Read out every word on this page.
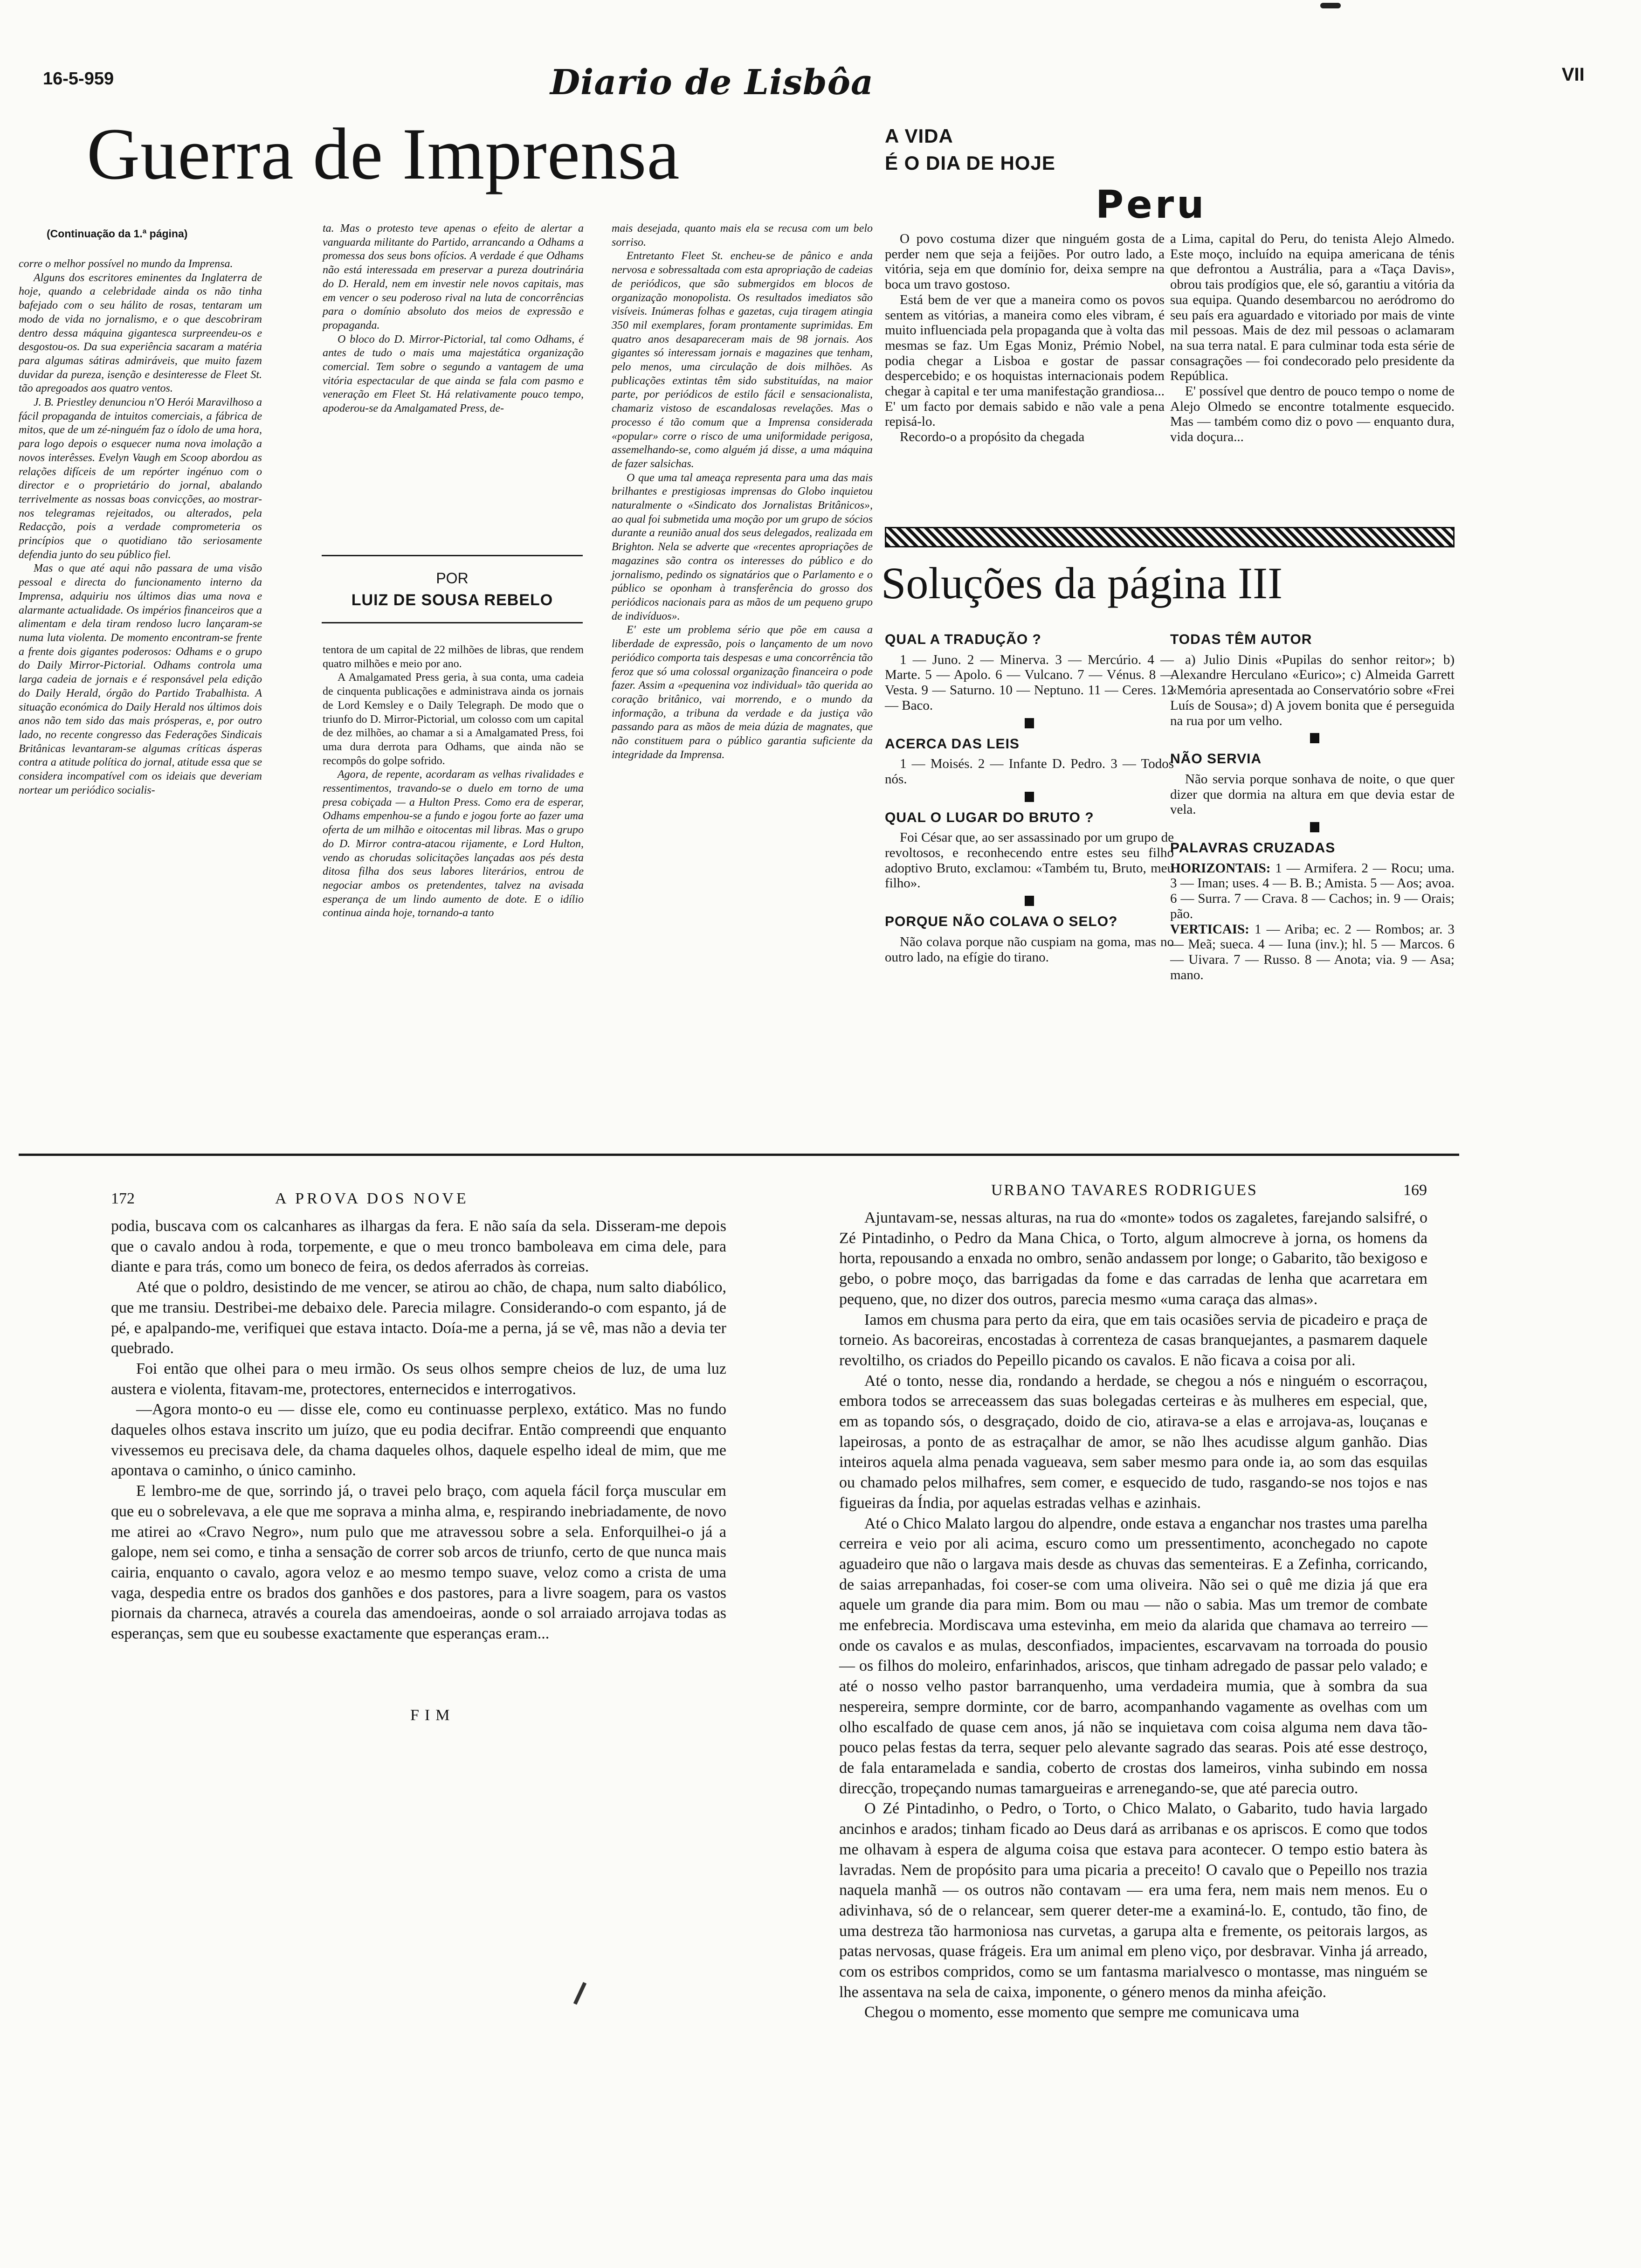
16-5-959	Diario de Lisbôa	VII
Guerra de Imprensa
(Continuação da 1.ª página)

corre o melhor possível no mundo da Imprensa.

Alguns dos escritores eminentes da Inglaterra de hoje, quando a celebridade ainda os não tinha bafejado com o seu hálito de rosas, tentaram um modo de vida no jornalismo, e o que descobriram dentro dessa máquina gigantesca surpreendeu-os e desgostou-os. Da sua experiência sacaram a matéria para algumas sátiras admiráveis, que muito fazem duvidar da pureza, isenção e desinteresse de Fleet St. tão apregoados aos quatro ventos.

J. B. Priestley denunciou n'O Herói Maravilhoso a fácil propaganda de intuitos comerciais, a fábrica de mitos, que de um zé-ninguém faz o ídolo de uma hora, para logo depois o esquecer numa nova imolação a novos interêsses. Evelyn Vaugh em Scoop abordou as relações difíceis de um repórter ingénuo com o director e o proprietário do jornal, abalando terrivelmente as nossas boas convicções, ao mostrar-nos telegramas rejeitados, ou alterados, pela Redacção, pois a verdade comprometeria os princípios que o quotidiano tão seriosamente defendia junto do seu público fiel.

Mas o que até aqui não passara de uma visão pessoal e directa do funcionamento interno da Imprensa, adquiriu nos últimos dias uma nova e alarmante actualidade. Os impérios financeiros que a alimentam e dela tiram rendoso lucro lançaram-se numa luta violenta. De momento encontram-se frente a frente dois gigantes poderosos: Odhams e o grupo do Daily Mirror-Pictorial. Odhams controla uma larga cadeia de jornais e é responsável pela edição do Daily Herald, órgão do Partido Trabalhista. A situação económica do Daily Herald nos últimos dois anos não tem sido das mais prósperas, e, por outro lado, no recente congresso das Federações Sindicais Britânicas levantaram-se algumas críticas ásperas contra a atitude política do jornal, atitude essa que se considera incompatível com os ideiais que deveriam nortear um periódico socialis-

ta. Mas o protesto teve apenas o efeito de alertar a vanguarda militante do Partido, arrancando a Odhams a promessa dos seus bons ofícios. A verdade é que Odhams não está interessada em preservar a pureza doutrinária do D. Herald, nem em investir nele novos capitais, mas em vencer o seu poderoso rival na luta de concorrências para o domínio absoluto dos meios de expressão e propaganda.

O bloco do D. Mirror-Pictorial, tal como Odhams, é antes de tudo o mais uma majestática organização comercial. Tem sobre o segundo a vantagem de uma vitória espectacular de que ainda se fala com pasmo e veneração em Fleet St. Há relativamente pouco tempo, apoderou-se da Amalgamated Press, de-

POR
LUIZ DE SOUSA REBELO

tentora de um capital de 22 milhões de libras, que rendem quatro milhões e meio por ano.

A Amalgamated Press geria, à sua conta, uma cadeia de cinquenta publicações e administrava ainda os jornais de Lord Kemsley e o Daily Telegraph. De modo que o triunfo do D. Mirror-Pictorial, um colosso com um capital de dez milhões, ao chamar a si a Amalgamated Press, foi uma dura derrota para Odhams, que ainda não se recompôs do golpe sofrido.

Agora, de repente, acordaram as velhas rivalidades e ressentimentos, travando-se o duelo em torno de uma presa cobiçada — a Hulton Press. Como era de esperar, Odhams empenhou-se a fundo e jogou forte ao fazer uma oferta de um milhão e oitocentas mil libras. Mas o grupo do D. Mirror contra-atacou rijamente, e Lord Hulton, vendo as chorudas solicitações lançadas aos pés desta ditosa filha dos seus labores literários, entrou de negociar ambos os pretendentes, talvez na avisada esperança de um lindo aumento de dote. E o idílio continua ainda hoje, tornando-a tanto

mais desejada, quanto mais ela se recusa com um belo sorriso.

Entretanto Fleet St. encheu-se de pânico e anda nervosa e sobressaltada com esta apropriação de cadeias de periódicos, que são submergidos em blocos de organização monopolista. Os resultados imediatos são visíveis. Inúmeras folhas e gazetas, cuja tiragem atingia 350 mil exemplares, foram prontamente suprimidas. Em quatro anos desapareceram mais de 98 jornais. Aos gigantes só interessam jornais e magazines que tenham, pelo menos, uma circulação de dois milhões. As publicações extintas têm sido substituídas, na maior parte, por periódicos de estilo fácil e sensacionalista, chamariz vistoso de escandalosas revelações. Mas o processo é tão comum que a Imprensa considerada «popular» corre o risco de uma uniformidade perigosa, assemelhando-se, como alguém já disse, a uma máquina de fazer salsichas.

O que uma tal ameaça representa para uma das mais brilhantes e prestigiosas imprensas do Globo inquietou naturalmente o «Sindicato dos Jornalistas Britânicos», ao qual foi submetida uma moção por um grupo de sócios durante a reunião anual dos seus delegados, realizada em Brighton. Nela se adverte que «recentes apropriações de magazines são contra os interesses do público e do jornalismo, pedindo os signatários que o Parlamento e o público se oponham à transferência do grosso dos periódicos nacionais para as mãos de um pequeno grupo de indivíduos».

E' este um problema sério que põe em causa a liberdade de expressão, pois o lançamento de um novo periódico comporta tais despesas e uma concorrência tão feroz que só uma colossal organização financeira o pode fazer. Assim a «pequenina voz individual» tão querida ao coração britânico, vai morrendo, e o mundo da informação, a tribuna da verdade e da justiça vão passando para as mãos de meia dúzia de magnates, que não constituem para o público garantia suficiente da integridade da Imprensa.

A VIDA
É O DIA DE HOJE
Peru

O povo costuma dizer que ninguém gosta de perder nem que seja a feijões. Por outro lado, a vitória, seja em que domínio for, deixa sempre na boca um travo gostoso.

Está bem de ver que a maneira como os povos sentem as vitórias, a maneira como eles vibram, é muito influenciada pela propaganda que à volta das mesmas se faz. Um Egas Moniz, Prémio Nobel, podia chegar a Lisboa e gostar de passar despercebido; e os hoquistas internacionais podem chegar à capital e ter uma manifestação grandiosa... E' um facto por demais sabido e não vale a pena repisá-lo.

Recordo-o a propósito da chegada

a Lima, capital do Peru, do tenista Alejo Almedo. Este moço, incluído na equipa americana de ténis que defrontou a Austrália, para a «Taça Davis», obrou tais prodígios que, ele só, garantiu a vitória da sua equipa. Quando desembarcou no aeródromo do seu país era aguardado e vitoriado por mais de vinte mil pessoas. Mais de dez mil pessoas o aclamaram na sua terra natal. E para culminar toda esta série de consagrações — foi condecorado pelo presidente da República.

E' possível que dentro de pouco tempo o nome de Alejo Olmedo se encontre totalmente esquecido. Mas — também como diz o povo — enquanto dura, vida doçura...

Soluções da página III
QUAL A TRADUÇÃO ?

1 — Juno. 2 — Minerva. 3 — Mercúrio. 4 — Marte. 5 — Apolo. 6 — Vulcano. 7 — Vénus. 8 — Vesta. 9 — Saturno. 10 — Neptuno. 11 — Ceres. 12 — Baco.

ACERCA DAS LEIS

1 — Moisés. 2 — Infante D. Pedro. 3 — Todos nós.

QUAL O LUGAR DO BRUTO ?

Foi César que, ao ser assassinado por um grupo de revoltosos, e reconhecendo entre estes seu filho adoptivo Bruto, exclamou: «Também tu, Bruto, meu filho».

PORQUE NÃO COLAVA O SELO?

Não colava porque não cuspiam na goma, mas no outro lado, na efígie do tirano.

TODAS TÊM AUTOR

a) Julio Dinis «Pupilas do senhor reitor»; b) Alexandre Herculano «Eurico»; c) Almeida Garrett «Memória apresentada ao Conservatório sobre «Frei Luís de Sousa»; d) A jovem bonita que é perseguida na rua por um velho.

NÃO SERVIA

Não servia porque sonhava de noite, o que quer dizer que dormia na altura em que devia estar de vela.

PALAVRAS CRUZADAS

HORIZONTAIS: 1 — Armifera. 2 — Rocu; uma. 3 — Iman; uses. 4 — B. B.; Amista. 5 — Aos; avoa. 6 — Surra. 7 — Crava. 8 — Cachos; in. 9 — Orais; pão.

VERTICAIS: 1 — Ariba; ec. 2 — Rombos; ar. 3 — Meã; sueca. 4 — Iuna (inv.); hl. 5 — Marcos. 6 — Uivara. 7 — Russo. 8 — Anota; via. 9 — Asa; mano.

172	A PROVA DOS NOVE

podia, buscava com os calcanhares as ilhargas da fera. E não saía da sela. Disseram-me depois que o cavalo andou à roda, torpemente, e que o meu tronco bamboleava em cima dele, para diante e para trás, como um boneco de feira, os dedos aferrados às correias.

Até que o poldro, desistindo de me vencer, se atirou ao chão, de chapa, num salto diabólico, que me transiu. Destribei-me debaixo dele. Parecia milagre. Considerando-o com espanto, já de pé, e apalpando-me, verifiquei que estava intacto. Doía-me a perna, já se vê, mas não a devia ter quebrado.

Foi então que olhei para o meu irmão. Os seus olhos sempre cheios de luz, de uma luz austera e violenta, fitavam-me, protectores, enternecidos e interrogativos.

—Agora monto-o eu — disse ele, como eu continuasse perplexo, extático. Mas no fundo daqueles olhos estava inscrito um juízo, que eu podia decifrar. Então compreendi que enquanto vivessemos eu precisava dele, da chama daqueles olhos, daquele espelho ideal de mim, que me apontava o caminho, o único caminho.

E lembro-me de que, sorrindo já, o travei pelo braço, com aquela fácil força muscular em que eu o sobrelevava, a ele que me soprava a minha alma, e, respirando inebriadamente, de novo me atirei ao «Cravo Negro», num pulo que me atravessou sobre a sela. Enforquilhei-o já a galope, nem sei como, e tinha a sensação de correr sob arcos de triunfo, certo de que nunca mais cairia, enquanto o cavalo, agora veloz e ao mesmo tempo suave, veloz como a crista de uma vaga, despedia entre os brados dos ganhões e dos pastores, para a livre soagem, para os vastos piornais da charneca, através a courela das amendoeiras, aonde o sol arraiado arrojava todas as esperanças, sem que eu soubesse exactamente que esperanças eram...

FIM
URBANO TAVARES RODRIGUES	169

Ajuntavam-se, nessas alturas, na rua do «monte» todos os zagaletes, farejando salsifré, o Zé Pintadinho, o Pedro da Mana Chica, o Torto, algum almocreve à jorna, os homens da horta, repousando a enxada no ombro, senão andassem por longe; o Gabarito, tão bexigoso e gebo, o pobre moço, das barrigadas da fome e das carradas de lenha que acarretara em pequeno, que, no dizer dos outros, parecia mesmo «uma caraça das almas».

Iamos em chusma para perto da eira, que em tais ocasiões servia de picadeiro e praça de torneio. As bacoreiras, encostadas à correnteza de casas branquejantes, a pasmarem daquele revoltilho, os criados do Pepeillo picando os cavalos. E não ficava a coisa por ali.

Até o tonto, nesse dia, rondando a herdade, se chegou a nós e ninguém o escorraçou, embora todos se arreceassem das suas bolegadas certeiras e às mulheres em especial, que, em as topando sós, o desgraçado, doido de cio, atirava-se a elas e arrojava-as, louçanas e lapeirosas, a ponto de as estraçalhar de amor, se não lhes acudisse algum ganhão. Dias inteiros aquela alma penada vagueava, sem saber mesmo para onde ia, ao som das esquilas ou chamado pelos milhafres, sem comer, e esquecido de tudo, rasgando-se nos tojos e nas figueiras da Índia, por aquelas estradas velhas e azinhais.

Até o Chico Malato largou do alpendre, onde estava a enganchar nos trastes uma parelha cerreira e veio por ali acima, escuro como um pressentimento, aconchegado no capote aguadeiro que não o largava mais desde as chuvas das sementeiras. E a Zefinha, corricando, de saias arrepanhadas, foi coser-se com uma oliveira. Não sei o quê me dizia já que era aquele um grande dia para mim. Bom ou mau — não o sabia. Mas um tremor de combate me enfebrecia. Mordiscava uma estevinha, em meio da alarida que chamava ao terreiro — onde os cavalos e as mulas, desconfiados, impacientes, escarvavam na torroada do pousio — os filhos do moleiro, enfarinhados, ariscos, que tinham adregado de passar pelo valado; e até o nosso velho pastor barranquenho, uma verdadeira mumia, que à sombra da sua nespereira, sempre dorminte, cor de barro, acompanhando vagamente as ovelhas com um olho escalfado de quase cem anos, já não se inquietava com coisa alguma nem dava tão-pouco pelas festas da terra, sequer pelo alevante sagrado das searas. Pois até esse destroço, de fala entaramelada e sandia, coberto de crostas dos lameiros, vinha subindo em nossa direcção, tropeçando numas tamargueiras e arrenegando-se, que até parecia outro.

O Zé Pintadinho, o Pedro, o Torto, o Chico Malato, o Gabarito, tudo havia largado ancinhos e arados; tinham ficado ao Deus dará as arribanas e os apriscos. E como que todos me olhavam à espera de alguma coisa que estava para acontecer. O tempo estio batera às lavradas. Nem de propósito para uma picaria a preceito! O cavalo que o Pepeillo nos trazia naquela manhã — os outros não contavam — era uma fera, nem mais nem menos. Eu o adivinhava, só de o relancear, sem querer deter-me a examiná-lo. E, contudo, tão fino, de uma destreza tão harmoniosa nas curvetas, a garupa alta e fremente, os peitorais largos, as patas nervosas, quase frágeis. Era um animal em pleno viço, por desbravar. Vinha já arreado, com os estribos compridos, como se um fantasma marialvesco o montasse, mas ninguém se lhe assentava na sela de caixa, imponente, o género menos da minha afeição.

Chegou o momento, esse momento que sempre me comunicava uma
